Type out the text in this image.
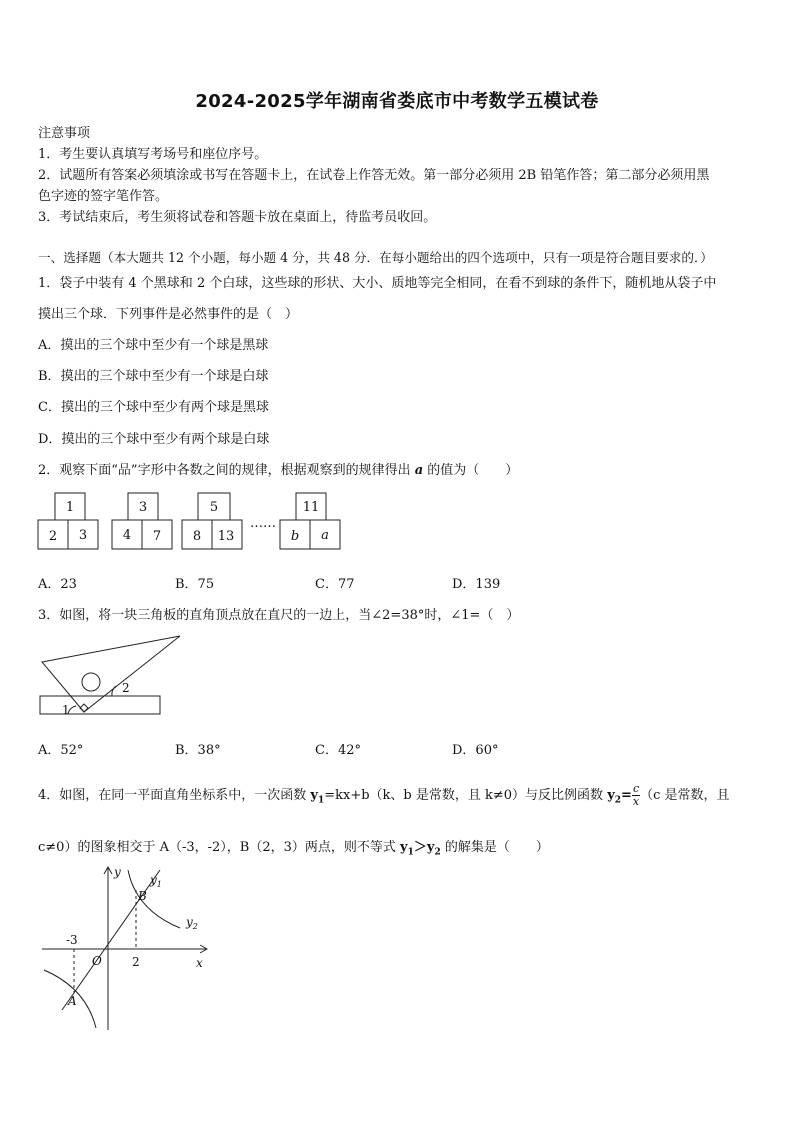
2024-2025学年湖南省娄底市中考数学五模试卷
注意事项
1．考生要认真填写考场号和座位序号。
2．试题所有答案必须填涂或书写在答题卡上，在试卷上作答无效。第一部分必须用 2B 铅笔作答；第二部分必须用黑
色字迹的签字笔作答。
3．考试结束后，考生须将试卷和答题卡放在桌面上，待监考员收回。
一、选择题（本大题共 12 个小题，每小题 4 分，共 48 分．在每小题给出的四个选项中，只有一项是符合题目要求的．）
1．袋子中装有 4 个黑球和 2 个白球，这些球的形状、大小、质地等完全相同，在看不到球的条件下，随机地从袋子中
摸出三个球．下列事件是必然事件的是（　）
A．摸出的三个球中至少有一个球是黑球
B．摸出的三个球中至少有一个球是白球
C．摸出的三个球中至少有两个球是黑球
D．摸出的三个球中至少有两个球是白球
2．观察下面“品”字形中各数之间的规律，根据观察到的规律得出 a 的值为（　　）
1
2 3
3
4 7
5
8 13
……
11
b a
A．23	B．75	C．77	D．139
3．如图，将一块三角板的直角顶点放在直尺的一边上，当∠2=38°时，∠1=（　）
2
1
A．52°	B．38°	C．42°	D．60°
4．如图，在同一平面直角坐标系中，一次函数 $y_1=kx+b(k$、b 是常数，且 k≠0）与反比例函数 $y_2= \frac{c}{x} (c$ 是常数，且
c≠0）的图象相交于 A（-3，-2），B（2，3）两点，则不等式 $y_1>y_2$ 的解集是（　　）
y
x
O
-3
2
A
B
$y_1$
$y_2$
